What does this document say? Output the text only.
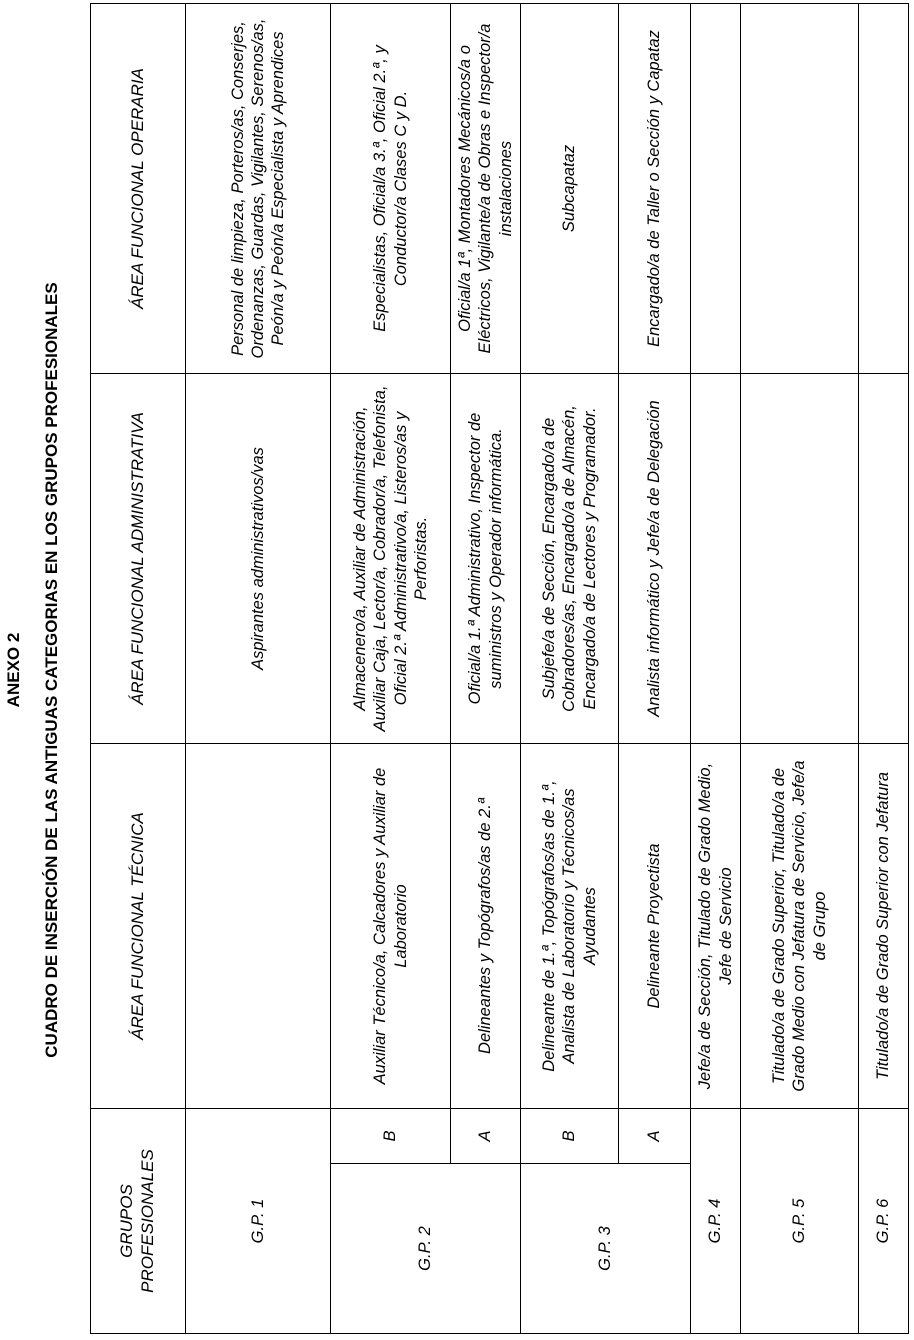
ANEXO 2 CUADRO DE INSERCIÓN DE LAS ANTIGUAS CATEGORIAS EN LOS GRUPOS PROFESIONALES
GRUPOS PROFESIONALES		ÁREA FUNCIONAL TÉCNICA	ÁREA FUNCIONAL ADMINISTRATIVA	ÁREA FUNCIONAL OPERARIA
G.P. 1			Aspirantes administrativos/vas	Personal de limpieza, Porteros/as, Conserjes, Ordenanzas, Guardas, Vigilantes, Serenos/as, Peón/a y Peón/a Especialista y Aprendices
G.P. 2	B	Auxiliar Técnico/a, Calcadores y Auxiliar de Laboratorio	Almacenero/a, Auxiliar de Administración, Auxiliar Caja, Lector/a, Cobrador/a, Telefonista, Oficial 2.ª Administrativo/a, Listeros/as y Perforistas.	Especialistas, Oficial/a 3.ª, Oficial 2.ª, y Conductor/a Clases C y D.
	A	Delineantes y Topógrafos/as de 2.ª	Oficial/a 1.ª Administrativo, Inspector de suministros y Operador informática.	Oficial/a 1ª, Montadores Mecánicos/a o Eléctricos, Vigilante/a de Obras e Inspector/a instalaciones
G.P. 3	B	Delineante de 1.ª, Topógrafos/as de 1.ª, Analista de Laboratorio y Técnicos/as Ayudantes	Subjefe/a de Sección, Encargado/a de Cobradores/as, Encargado/a de Almacén, Encargado/a de Lectores y Programador.	Subcapataz
	A	Delineante Proyectista	Analista informático y Jefe/a de Delegación	Encargado/a de Taller o Sección y Capataz
G.P. 4		Jefe/a de Sección, Titulado de Grado Medio, Jefe de Servicio		
G.P. 5		Titulado/a de Grado Superior, Titulado/a de Grado Medio con Jefatura de Servicio, Jefe/a de Grupo		
G.P. 6		Titulado/a de Grado Superior con Jefatura		
